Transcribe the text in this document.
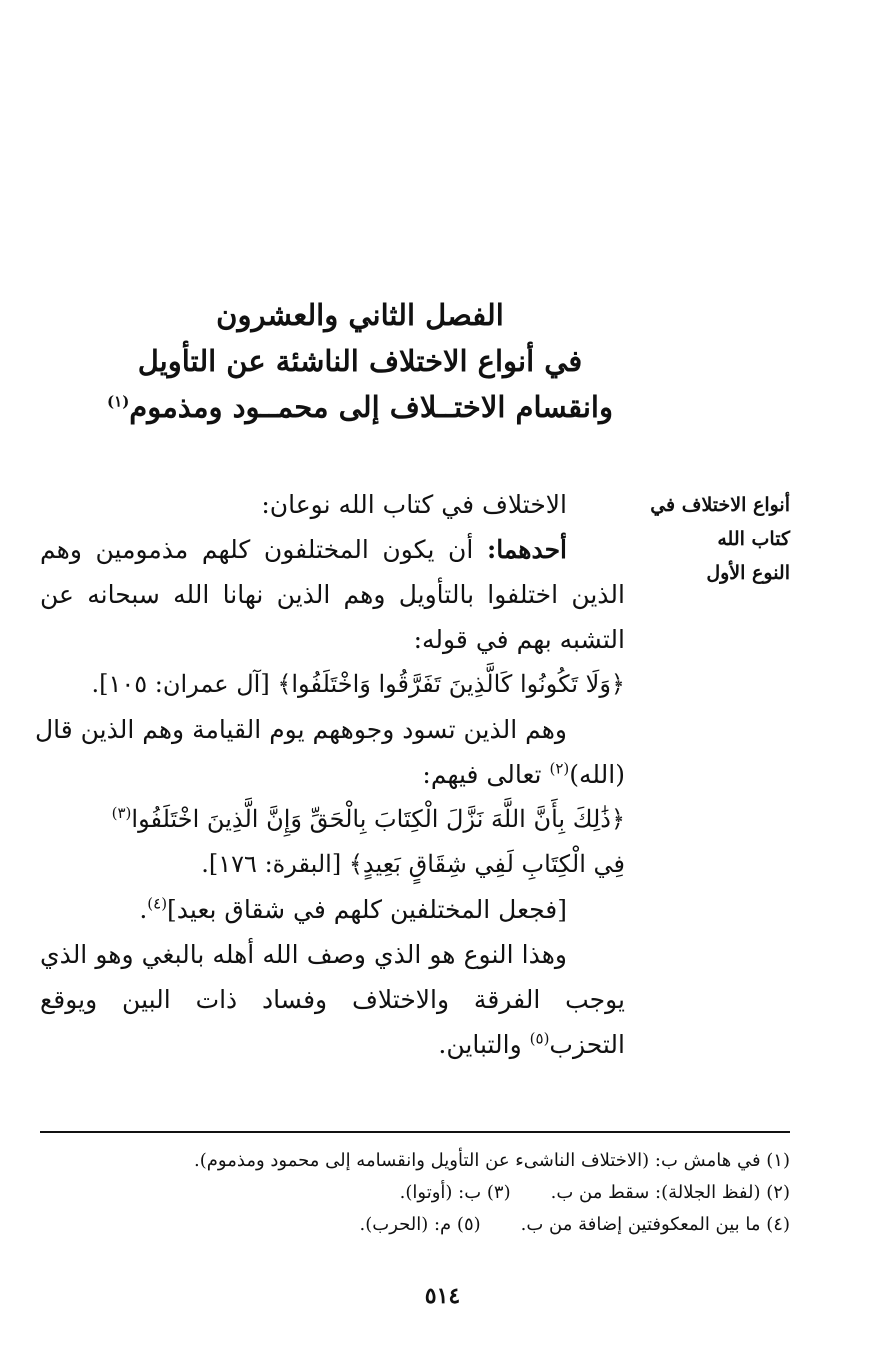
الفصل الثاني والعشرون
في أنواع الاختلاف الناشئة عن التأويل
وانقسام الاختــلاف إلى محمــود ومذموم$^{(١)}$
أنواع الاختلاف في
كتاب الله
النوع الأول
الاختلاف في كتاب الله نوعان:
أحدهما: أن يكون المختلفون كلهم مذمومين وهم
الذين اختلفوا بالتأويل وهم الذين نهانا الله سبحانه عن
التشبه بهم في قوله:
﴿وَلَا تَكُونُوا كَالَّذِينَ تَفَرَّقُوا وَاخْتَلَفُوا﴾ [آل عمران: ١٠٥].
وهم الذين تسود وجوههم يوم القيامة وهم الذين قال
(الله)$^{(٢)}$ تعالى فيهم:
﴿ذَٰلِكَ بِأَنَّ اللَّهَ نَزَّلَ الْكِتَابَ بِالْحَقِّ وَإِنَّ الَّذِينَ اخْتَلَفُوا$^{(٣)}$
فِي الْكِتَابِ لَفِي شِقَاقٍ بَعِيدٍ﴾ [البقرة: ١٧٦].
[فجعل المختلفين كلهم في شقاق بعيد]$^{(٤)}$.
وهذا النوع هو الذي وصف الله أهله بالبغي وهو الذي
يوجب الفرقة والاختلاف وفساد ذات البين ويوقع
التحزب$^{(٥)}$ والتباين.
(١) في هامش ب: (الاختلاف الناشىء عن التأويل وانقسامه إلى محمود ومذموم).
(٢) (لفظ الجلالة): سقط من ب.(٣) ب: (أوتوا).
(٤) ما بين المعكوفتين إضافة من ب.(٥) م: (الحرب).
٥١٤
